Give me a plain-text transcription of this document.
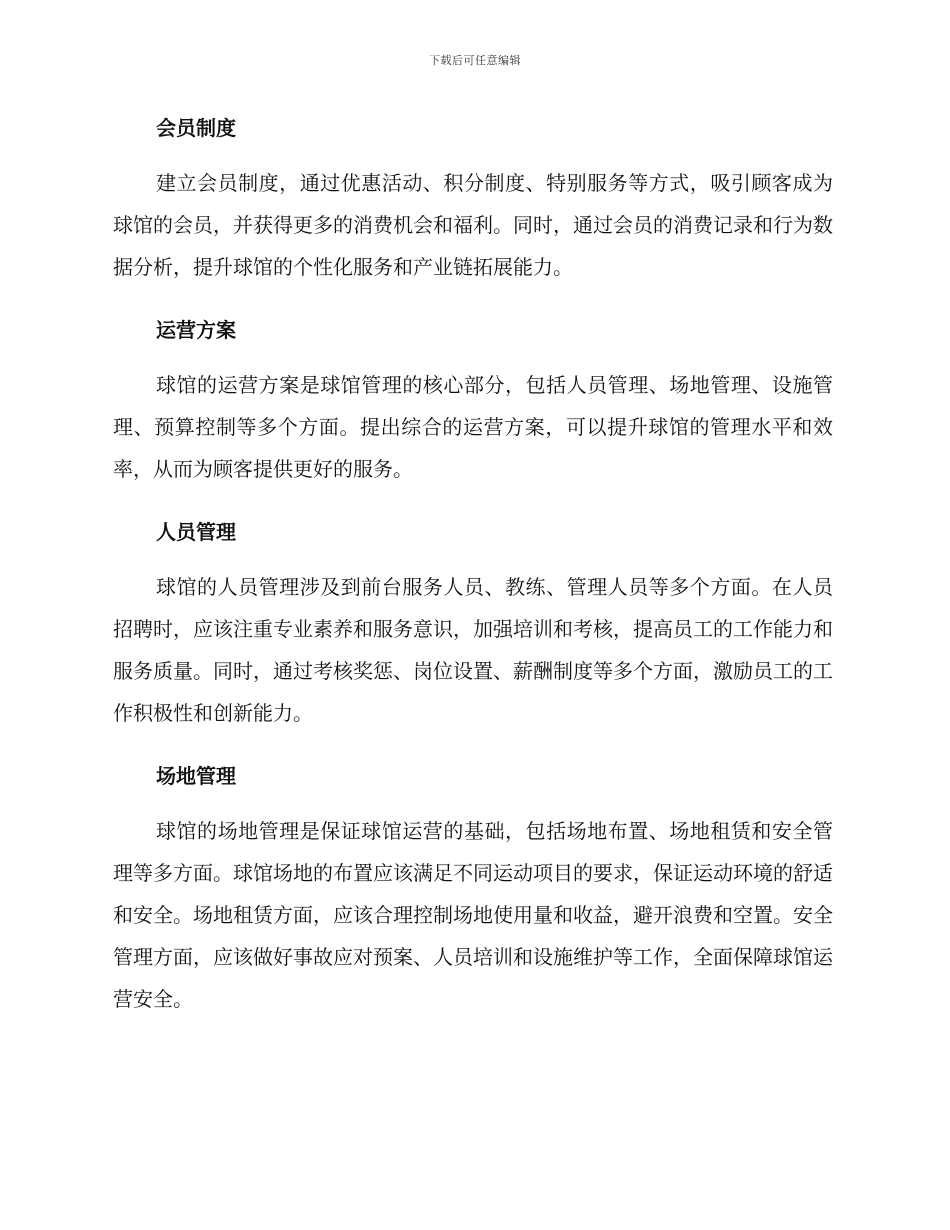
下载后可任意编辑
会员制度

建立会员制度，通过优惠活动、积分制度、特别服务等方式，吸引顾客成为球馆的会员，并获得更多的消费机会和福利。同时，通过会员的消费记录和行为数据分析，提升球馆的个性化服务和产业链拓展能力。

运营方案

球馆的运营方案是球馆管理的核心部分，包括人员管理、场地管理、设施管理、预算控制等多个方面。提出综合的运营方案，可以提升球馆的管理水平和效率，从而为顾客提供更好的服务。

人员管理

球馆的人员管理涉及到前台服务人员、教练、管理人员等多个方面。在人员招聘时，应该注重专业素养和服务意识，加强培训和考核，提高员工的工作能力和服务质量。同时，通过考核奖惩、岗位设置、薪酬制度等多个方面，激励员工的工作积极性和创新能力。

场地管理

球馆的场地管理是保证球馆运营的基础，包括场地布置、场地租赁和安全管理等多方面。球馆场地的布置应该满足不同运动项目的要求，保证运动环境的舒适和安全。场地租赁方面，应该合理控制场地使用量和收益，避开浪费和空置。安全管理方面，应该做好事故应对预案、人员培训和设施维护等工作，全面保障球馆运营安全。
